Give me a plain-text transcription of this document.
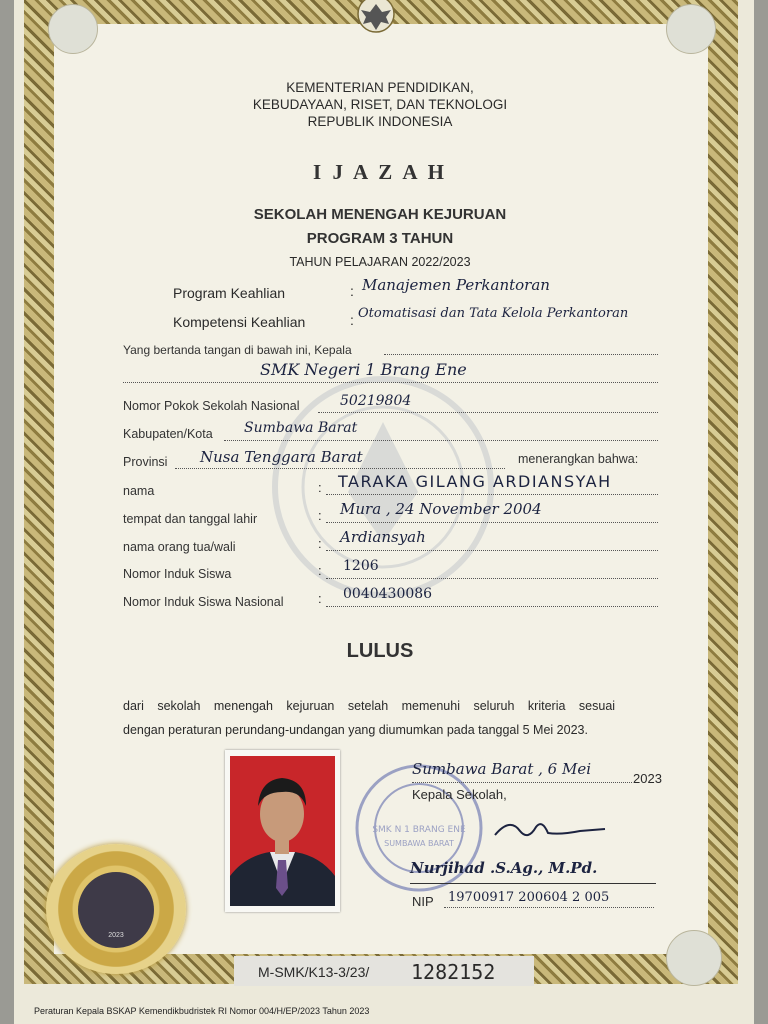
KEMENTERIAN PENDIDIKAN,
KEBUDAYAAN, RISET, DAN TEKNOLOGI
REPUBLIK INDONESIA
I J A Z A H
SEKOLAH MENENGAH KEJURUAN
PROGRAM 3 TAHUN
TAHUN PELAJARAN 2022/2023
Program Keahlian	: Manajemen Perkantoran
Kompetensi Keahlian	: Otomatisasi dan Tata Kelola Perkantoran
Yang bertanda tangan di bawah ini, Kepala
SMK Negeri 1 Brang Ene
Nomor Pokok Sekolah Nasional	50219804
Kabupaten/Kota Sumbawa Barat
Provinsi Nusa Tenggara Barat	menerangkan bahwa:
nama	: TARAKA GILANG ARDIANSYAH
tempat dan tanggal lahir	: Mura , 24 November 2004
nama orang tua/wali	: Ardiansyah
Nomor Induk Siswa	: 1206
Nomor Induk Siswa Nasional	: 0040430086
LULUS
dari sekolah menengah kejuruan setelah memenuhi seluruh kriteria sesuai
dengan peraturan perundang-undangan yang diumumkan pada tanggal 5 Mei 2023.
SMK N 1 BRANG ENE
SUMBAWA BARAT
Sumbawa Barat , 6 Mei
2023
Kepala Sekolah,
Nurjihad .S.Ag., M.Pd.
NIP 19700917 200604 2 005
2023
M-SMK/K13-3/23/ 1282152
Peraturan Kepala BSKAP Kemendikbudristek RI Nomor 004/H/EP/2023 Tahun 2023
